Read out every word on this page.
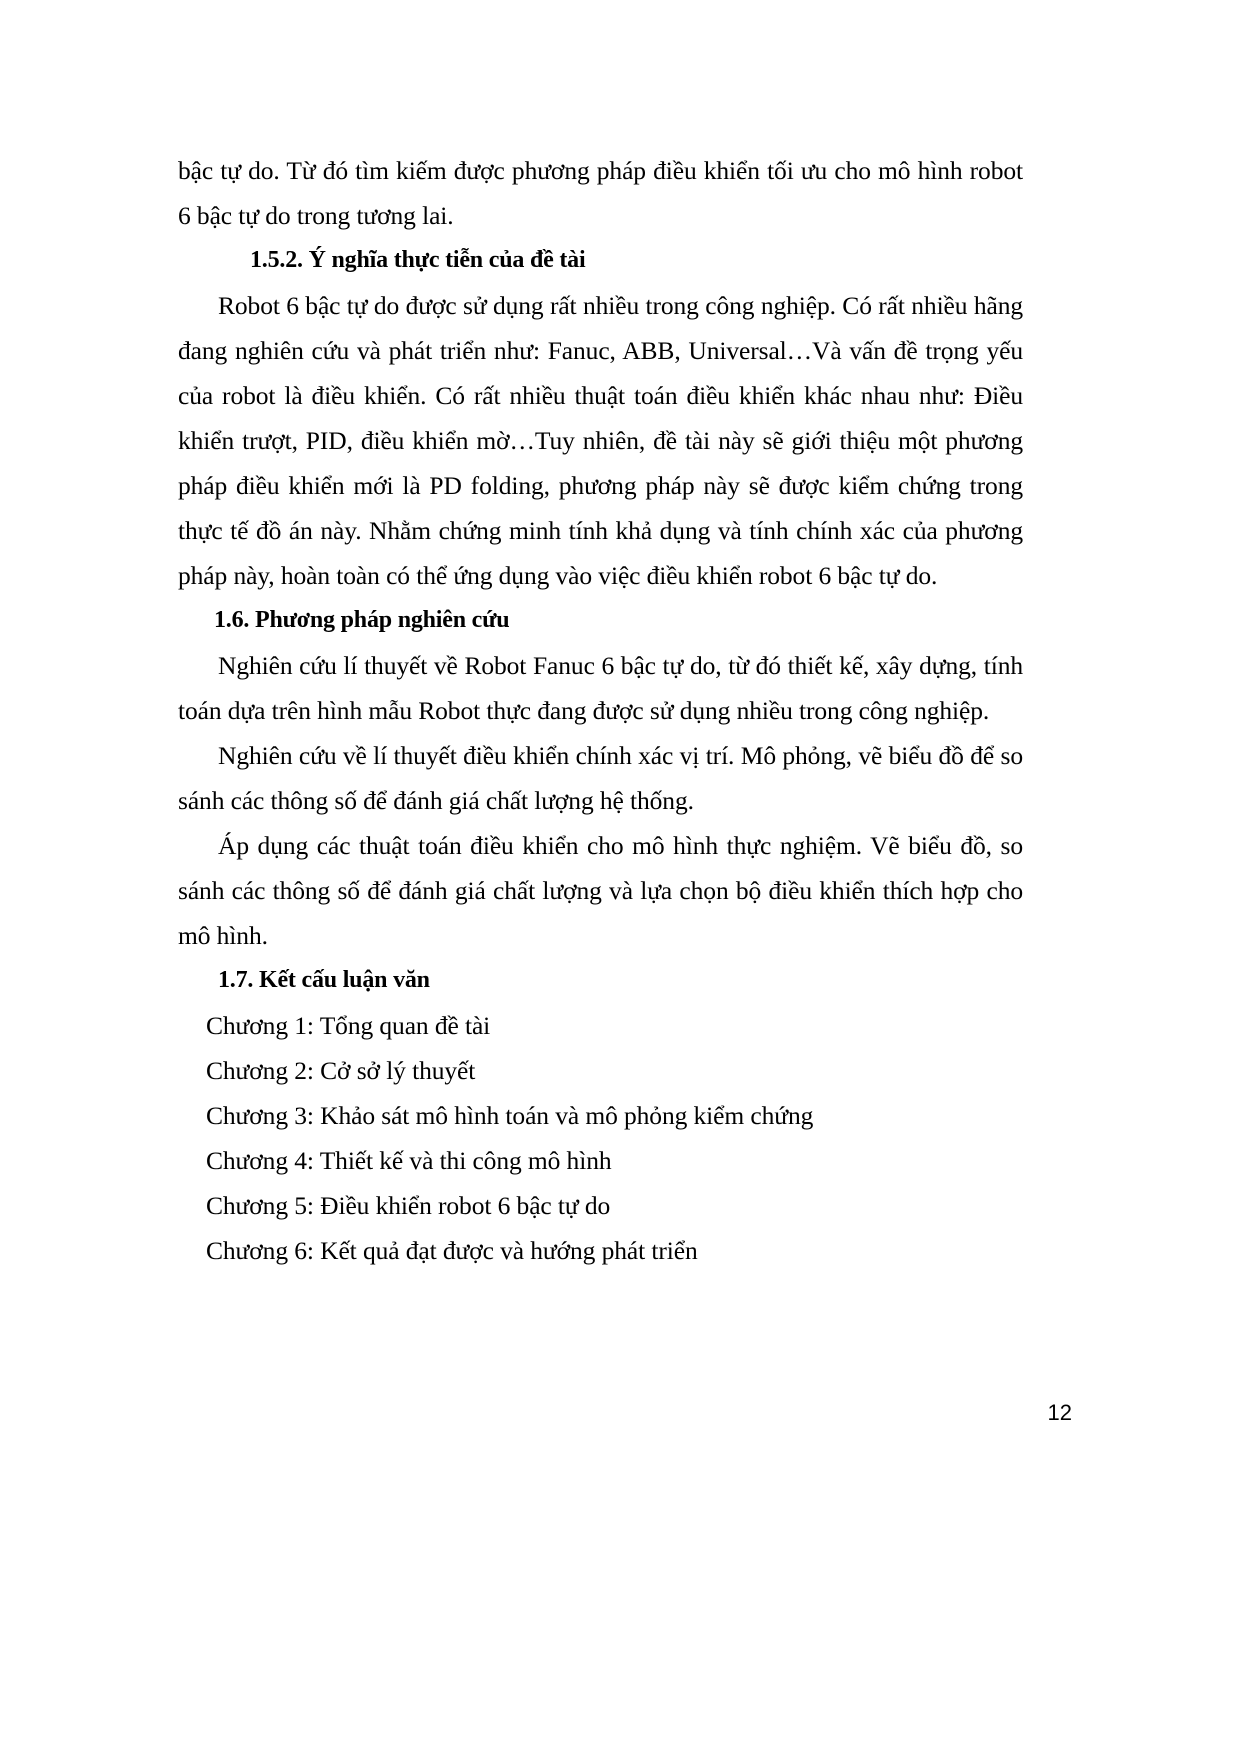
bậc tự do. Từ đó tìm kiếm được phương pháp điều khiển tối ưu cho mô hình robot 6 bậc tự do trong tương lai.

1.5.2. Ý nghĩa thực tiễn của đề tài

Robot 6 bậc tự do được sử dụng rất nhiều trong công nghiệp. Có rất nhiều hãng đang nghiên cứu và phát triển như: Fanuc, ABB, Universal…Và vấn đề trọng yếu của robot là điều khiển. Có rất nhiều thuật toán điều khiển khác nhau như: Điều khiển trượt, PID, điều khiển mờ…Tuy nhiên, đề tài này sẽ giới thiệu một phương pháp điều khiển mới là PD folding, phương pháp này sẽ được kiểm chứng trong thực tế đồ án này. Nhằm chứng minh tính khả dụng và tính chính xác của phương pháp này, hoàn toàn có thể ứng dụng vào việc điều khiển robot 6 bậc tự do.

1.6. Phương pháp nghiên cứu

Nghiên cứu lí thuyết về Robot Fanuc 6 bậc tự do, từ đó thiết kế, xây dựng, tính toán dựa trên hình mẫu Robot thực đang được sử dụng nhiều trong công nghiệp.

Nghiên cứu về lí thuyết điều khiển chính xác vị trí. Mô phỏng, vẽ biểu đồ để so sánh các thông số để đánh giá chất lượng hệ thống.

Áp dụng các thuật toán điều khiển cho mô hình thực nghiệm. Vẽ biểu đồ, so sánh các thông số để đánh giá chất lượng và lựa chọn bộ điều khiển thích hợp cho mô hình.

1.7. Kết cấu luận văn
Chương 1: Tổng quan đề tài
Chương 2: Cở sở lý thuyết
Chương 3: Khảo sát mô hình toán và mô phỏng kiểm chứng
Chương 4: Thiết kế và thi công mô hình
Chương 5: Điều khiển robot 6 bậc tự do
Chương 6: Kết quả đạt được và hướng phát triển
12
